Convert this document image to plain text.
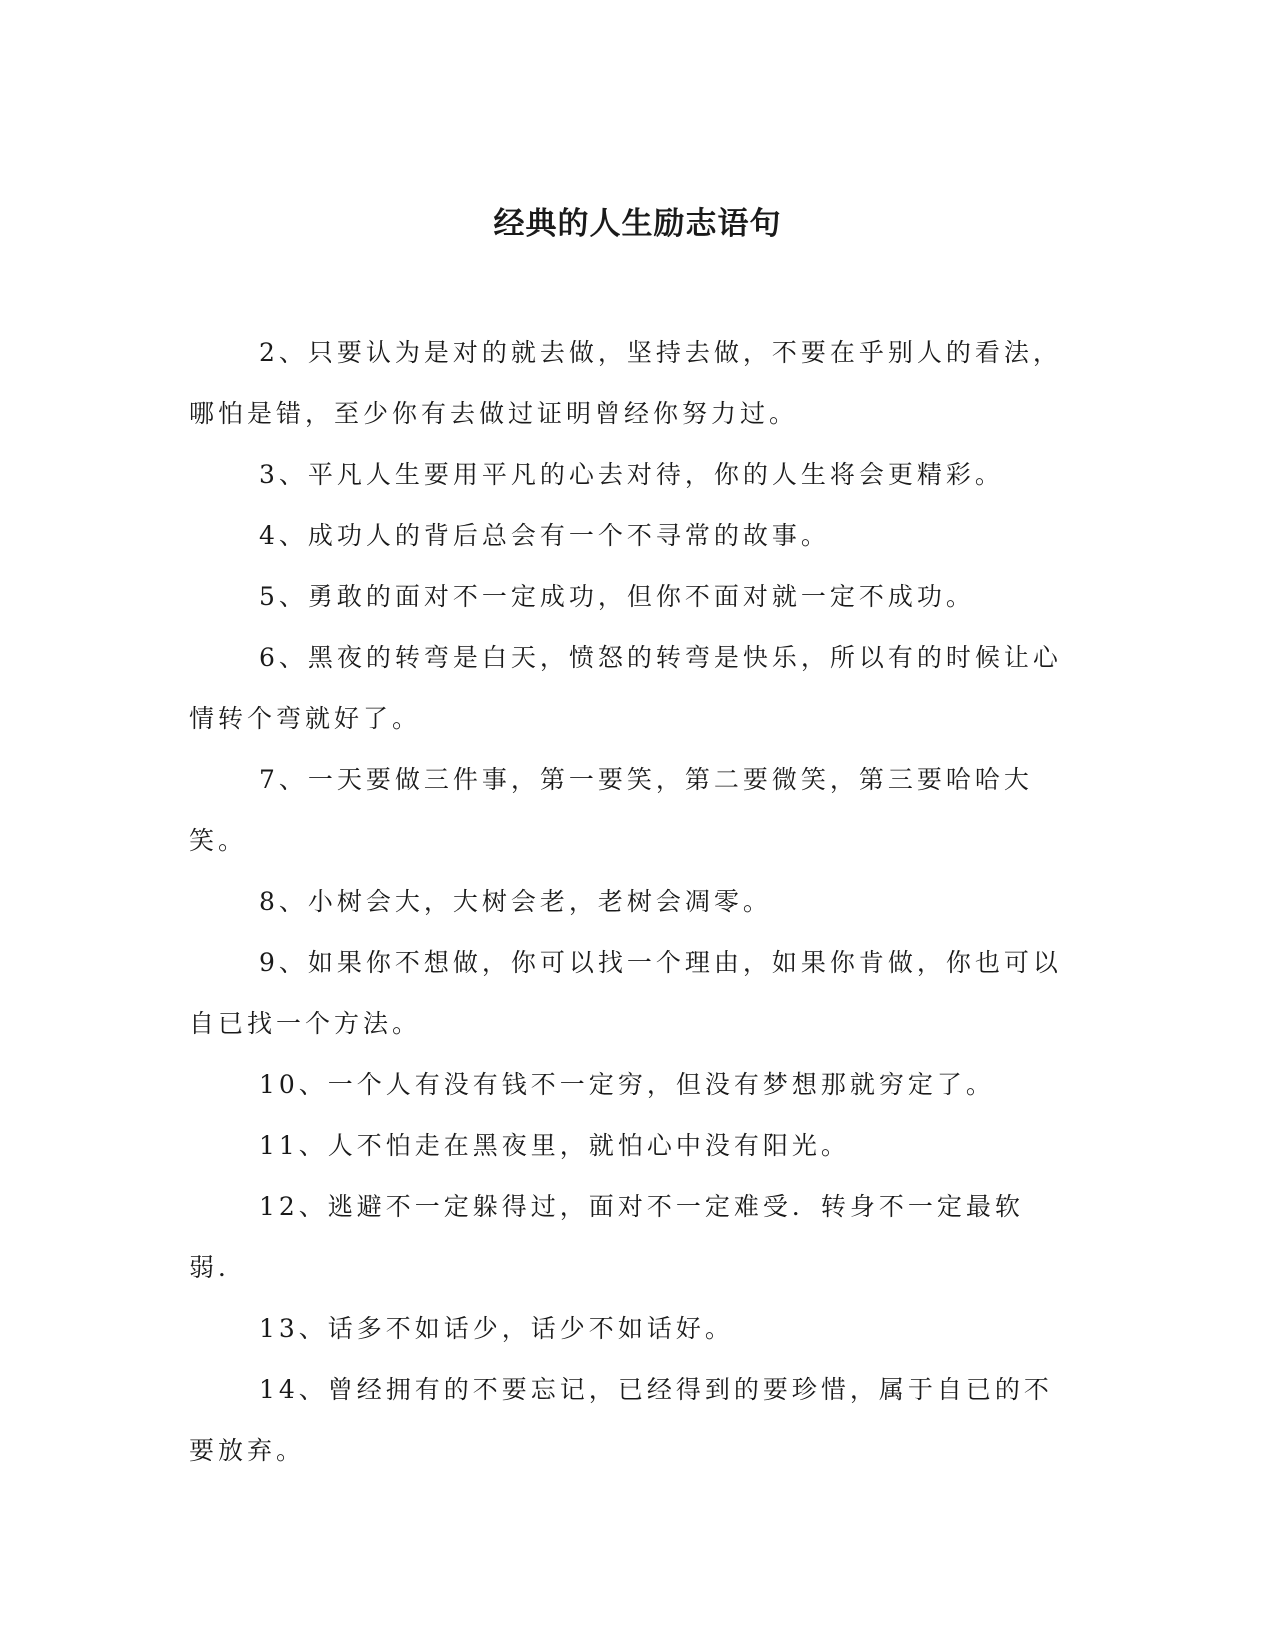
经典的人生励志语句

2、只要认为是对的就去做，坚持去做，不要在乎别人的看法，哪怕是错，至少你有去做过证明曾经你努力过。

3、平凡人生要用平凡的心去对待，你的人生将会更精彩。

4、成功人的背后总会有一个不寻常的故事。

5、勇敢的面对不一定成功，但你不面对就一定不成功。

6、黑夜的转弯是白天，愤怒的转弯是快乐，所以有的时候让心情转个弯就好了。

7、一天要做三件事，第一要笑，第二要微笑，第三要哈哈大笑。

8、小树会大，大树会老，老树会凋零。

9、如果你不想做，你可以找一个理由，如果你肯做，你也可以自已找一个方法。

10、一个人有没有钱不一定穷，但没有梦想那就穷定了。

11、人不怕走在黑夜里，就怕心中没有阳光。

12、逃避不一定躲得过，面对不一定难受．转身不一定最软弱．

13、话多不如话少，话少不如话好。

14、曾经拥有的不要忘记，已经得到的要珍惜，属于自已的不要放弃。
